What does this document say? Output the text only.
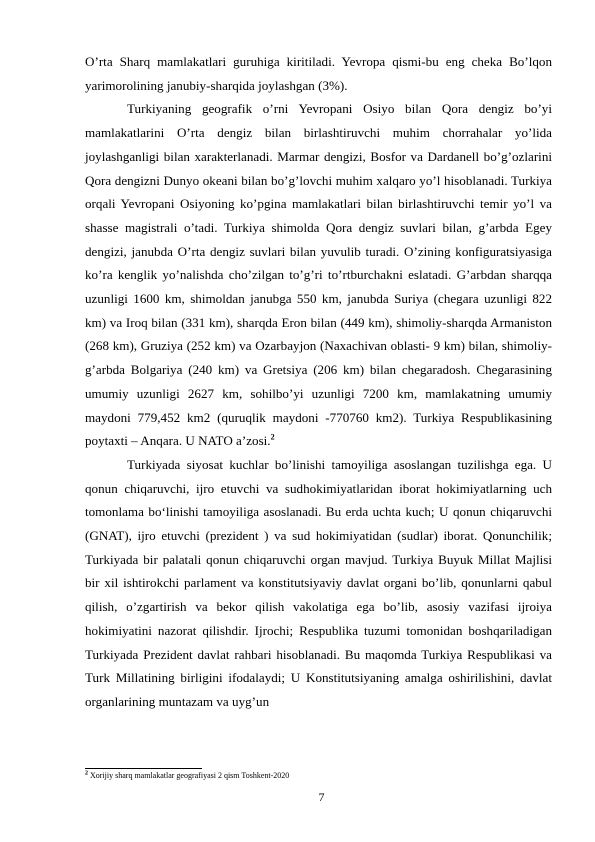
O’rta Sharq mamlakatlari guruhiga kiritiladi. Yevropa qismi-bu eng cheka Bo’lqon yarimorolining janubiy-sharqida joylashgan (3%).

Turkiyaning geografik o’rni Yevropani Osiyo bilan Qora dengiz bo’yi mamlakatlarini O’rta dengiz bilan birlashtiruvchi muhim chorrahalar yo’lida joylashganligi bilan xarakterlanadi. Marmar dengizi, Bosfor va Dardanell bo’g’ozlarini Qora dengizni Dunyo okeani bilan bo’g’lovchi muhim xalqaro yo’l hisoblanadi. Turkiya orqali Yevropani Osiyoning ko’pgina mamlakatlari bilan birlashtiruvchi temir yo’l va shasse magistrali o’tadi. Turkiya shimolda Qora dengiz suvlari bilan, g’arbda Egey dengizi, janubda O’rta dengiz suvlari bilan yuvulib turadi. O’zining konfiguratsiyasiga ko’ra kenglik yo’nalishda cho’zilgan to’g’ri to’rtburchakni eslatadi. G’arbdan sharqqa uzunligi 1600 km, shimoldan janubga 550 km, janubda Suriya (chegara uzunligi 822 km) va Iroq bilan (331 km), sharqda Eron bilan (449 km), shimoliy-sharqda Armaniston (268 km), Gruziya (252 km) va Ozarbayjon (Naxachivan oblasti- 9 km) bilan, shimoliy- g’arbda Bolgariya (240 km) va Gretsiya (206 km) bilan chegaradosh. Chegarasining umumiy uzunligi 2627 km, sohilbo’yi uzunligi 7200 km, mamlakatning umumiy maydoni 779,452 km2 (quruqlik maydoni -770760 km2). Turkiya Respublikasining poytaxti – Anqara. U NATO a’zosi.$^2$

Turkiyada siyosat kuchlar bo’linishi tamoyiliga asoslangan tuzilishga ega. U qonun chiqaruvchi, ijro etuvchi va sudhokimiyatlaridan iborat hokimiyatlarning uch tomonlama bo‘linishi tamoyiliga asoslanadi. Bu erda uchta kuch; U qonun chiqaruvchi (GNAT), ijro etuvchi (prezident ) va sud hokimiyatidan (sudlar) iborat. Qonunchilik; Turkiyada bir palatali qonun chiqaruvchi organ mavjud. Turkiya Buyuk Millat Majlisi bir xil ishtirokchi parlament va konstitutsiyaviy davlat organi bo’lib, qonunlarni qabul qilish, o’zgartirish va bekor qilish vakolatiga ega bo’lib, asosiy vazifasi ijroiya hokimiyatini nazorat qilishdir. Ijrochi; Respublika tuzumi tomonidan boshqariladigan Turkiyada Prezident davlat rahbari hisoblanadi. Bu maqomda Turkiya Respublikasi va Turk Millatining birligini ifodalaydi; U Konstitutsiyaning amalga oshirilishini, davlat organlarining muntazam va uyg’un

$^2$ Xorijiy sharq mamlakatlar geografiyasi 2 qism Toshkent-2020
7
